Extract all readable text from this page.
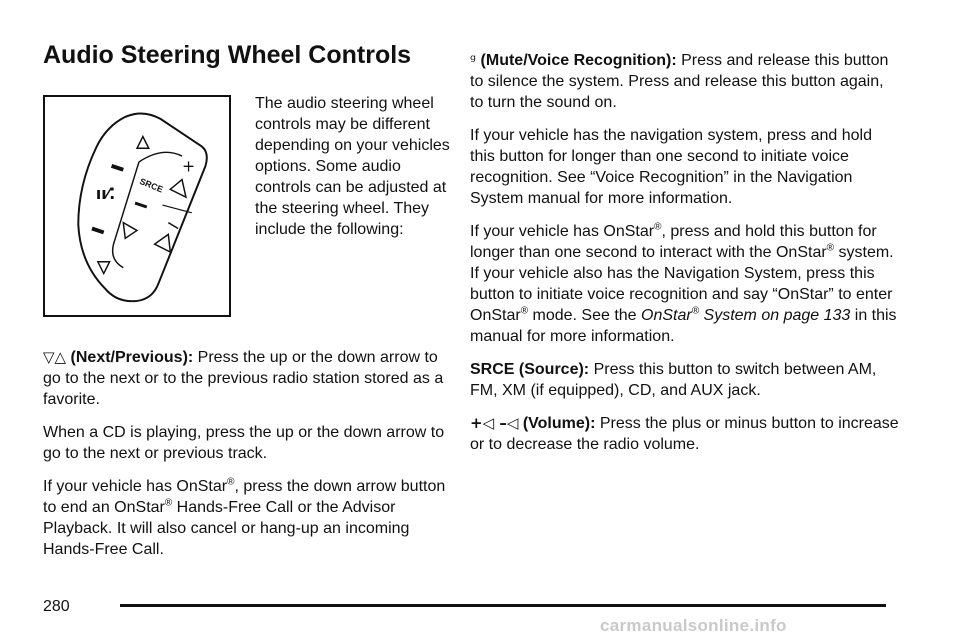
Audio Steering Wheel Controls
ıı⁄⁚	SRCE
+

The audio steering wheel controls may be different depending on your vehicles options. Some audio controls can be adjusted at the steering wheel. They include the following:

▽△ (Next/Previous): Press the up or the down arrow to go to the next or to the previous radio station stored as a favorite.

When a CD is playing, press the up or the down arrow to go to the next or previous track.

If your vehicle has OnStar®, press the down arrow button to end an OnStar® Hands-Free Call or the Advisor Playback. It will also cancel or hang-up an incoming Hands-Free Call.

ᵍ (Mute/Voice Recognition): Press and release this button to silence the system. Press and release this button again, to turn the sound on.

If your vehicle has the navigation system, press and hold this button for longer than one second to initiate voice recognition. See “Voice Recognition” in the Navigation System manual for more information.

If your vehicle has OnStar®, press and hold this button for longer than one second to interact with the OnStar® system. If your vehicle also has the Navigation System, press this button to initiate voice recognition and say “OnStar” to enter OnStar® mode. See the OnStar® System on page 133 in this manual for more information.

SRCE (Source): Press this button to switch between AM, FM, XM (if equipped), CD, and AUX jack.

+◁ –◁ (Volume): Press the plus or minus button to increase or to decrease the radio volume.

280
carmanualsonline.info
